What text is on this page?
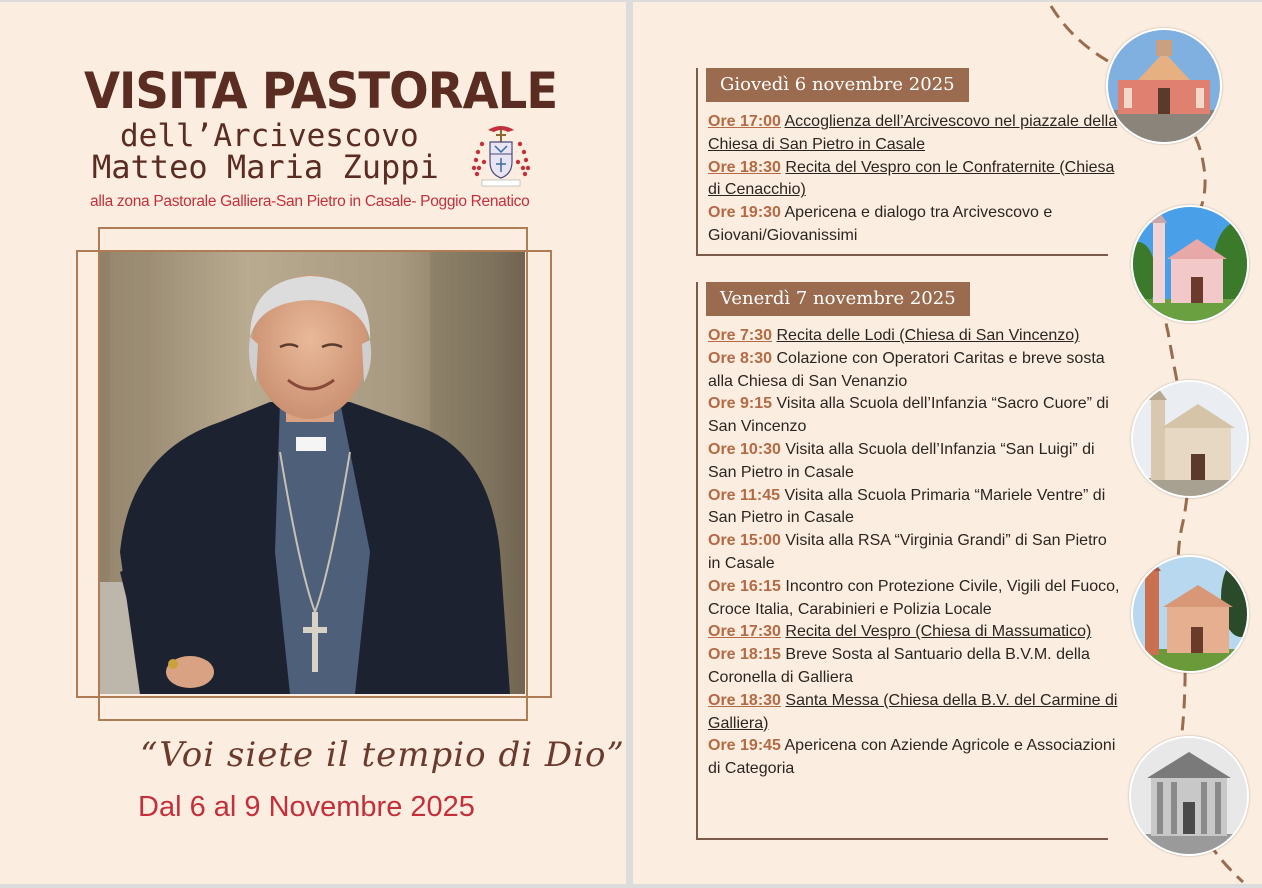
VISITA PASTORALE
dell’Arcivescovo
Matteo Maria Zuppi
alla zona Pastorale Galliera-San Pietro in Casale- Poggio Renatico
“Voi siete il tempio di Dio”
Dal 6 al 9 Novembre 2025
Giovedì 6 novembre 2025

Ore 17:00 Accoglienza dell’Arcivescovo nel piazzale della Chiesa di San Pietro in Casale

Ore 18:30 Recita del Vespro con le Confraternite (Chiesa di Cenacchio)

Ore 19:30 Apericena e dialogo tra Arcivescovo e Giovani/Giovanissimi

Venerdì 7 novembre 2025

Ore 7:30 Recita delle Lodi (Chiesa di San Vincenzo)

Ore 8:30 Colazione con Operatori Caritas e breve sosta alla Chiesa di San Venanzio

Ore 9:15 Visita alla Scuola dell’Infanzia “Sacro Cuore” di San Vincenzo

Ore 10:30 Visita alla Scuola dell’Infanzia “San Luigi” di San Pietro in Casale

Ore 11:45 Visita alla Scuola Primaria “Mariele Ventre” di San Pietro in Casale

Ore 15:00 Visita alla RSA “Virginia Grandi” di San Pietro in Casale

Ore 16:15 Incontro con Protezione Civile, Vigili del Fuoco, Croce Italia, Carabinieri e Polizia Locale

Ore 17:30 Recita del Vespro (Chiesa di Massumatico)

Ore 18:15 Breve Sosta al Santuario della B.V.M. della Coronella di Galliera

Ore 18:30 Santa Messa (Chiesa della B.V. del Carmine di Galliera)

Ore 19:45 Apericena con Aziende Agricole e Associazioni di Categoria
